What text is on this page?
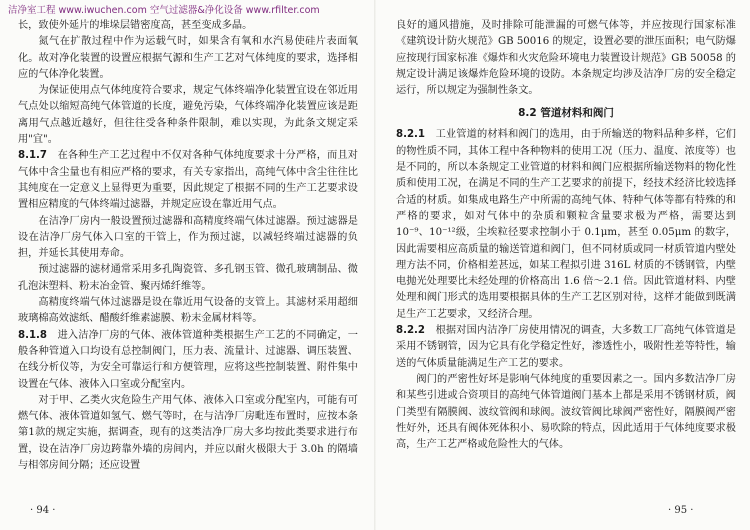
洁净室工程 www.iwuchen.com 空气过滤器&净化设备 www.rfilter.com

长，致使外延片的堆垛层错密度高，甚至变成多晶。

氮气在扩散过程中作为运载气时，如果含有氧和水汽易使硅片表面氧化。故对净化装置的设置应根据气源和生产工艺对气体纯度的要求，选择相应的气体净化装置。

为保证使用点气体纯度符合要求，规定气体终端净化装置宜设在邻近用气点处以缩短高纯气体管道的长度，避免污染，气体终端净化装置应该是距离用气点越近越好，但往往受各种条件限制，难以实现，为此条文规定采用"宜"。

8.1.7　 在各种生产工艺过程中不仅对各种气体纯度要求十分严格，而且对气体中含尘量也有相应严格的要求，有关专家指出，高纯气体中含尘往往比其纯度在一定意义上显得更为重要，因此规定了根据不同的生产工艺要求设置相应精度的气体终端过滤器，并规定应设在靠近用气点。

在洁净厂房内一般设置预过滤器和高精度终端气体过滤器。预过滤器是设在洁净厂房气体入口室的干管上，作为预过滤，以减轻终端过滤器的负担，并延长其使用寿命。

预过滤器的滤材通常采用多孔陶瓷管、多孔钢玉管、微孔玻璃制品、微孔泡沫塑料、粉末冶金管、聚丙烯纤维等。

高精度终端气体过滤器是设在靠近用气设备的支管上。其滤材采用超细玻璃棉高效滤纸、醋酸纤维素滤膜、粉末金属材料等。

8.1.8　 进入洁净厂房的气体、液体管道种类根据生产工艺的不同确定，一般各种管道入口均设有总控制阀门，压力表、流量计、过滤器、调压装置、在线分析仪等，为安全可靠运行和方便管理，应将这些控制装置、附件集中设置在气体、液体入口室或分配室内。

对于甲、乙类火灾危险生产用气体、液体入口室或分配室内，可能有可燃气体、液体管道如氢气、燃气等时，在与洁净厂房毗连布置时，应按本条第1款的规定实施，据调查，现有的这类洁净厂房大多均按此类要求进行布置，设在洁净厂房边跨靠外墙的房间内，并应以耐火极限大于 3.0h 的隔墙与相邻房间分隔；还应设置

良好的通风措施，及时排除可能泄漏的可燃气体等，并应按现行国家标准《建筑设计防火规范》GB 50016 的规定，设置必要的泄压面积；电气防爆应按现行国家标准《爆炸和火灾危险环境电力装置设计规范》GB 50058 的规定设计满足该爆炸危险环境的设防。本条规定均涉及洁净厂房的安全稳定运行，所以规定为强制性条文。

8.2 管道材料和阀门

8.2.1　 工业管道的材料和阀门的选用，由于所输送的物料品种多样，它们的物性质不同，其体工程中各种物料的使用工况（压力、温度、浓度等）也是不同的，所以本条规定工业管道的材料和阀门应根据所输送物料的物化性质和使用工况，在满足不同的生产工艺要求的前提下，经技术经济比较选择合适的材质。如集成电路生产中所需的高纯气体、特种气体等都有特殊的和严格的要求，如对气体中的杂质和颗粒含量要求极为严格，需要达到 10⁻⁹、10⁻¹²级，尘埃粒径要求控制小于 0.1μm，甚至 0.05μm 的数字，因此需要相应高质量的输送管道和阀门，但不同材质或同一材质管道内壁处理方法不同，价格相差甚远，如某工程拟引进 316L 材质的不锈钢管，内壁电抛光处理要比未经处理的价格高出 1.6 倍～2.1 倍。因此管道材料、内壁处理和阀门形式的选用要根据具体的生产工艺区别对待，这样才能做到既满足生产工艺要求，又经济合理。

8.2.2　 根据对国内洁净厂房使用情况的调查，大多数工厂高纯气体管道是采用不锈钢管，因为它具有化学稳定性好，渗透性小，吸附性差等特性，输送的气体质量能满足生产工艺的要求。

阀门的严密性好坏是影响气体纯度的重要因素之一。国内多数洁净厂房和某些引进或合资项目的高纯气体管道阀门基本上都是采用不锈钢材质，阀门类型有隔膜阀、波纹管阀和球阀。波纹管阀比球阀严密性好，隔膜阀严密性好外，还具有阀体死体积小、易吹除的特点，因此适用于气体纯度要求极高，生产工艺严格或危险性大的气体。

· 94 ·	· 95 ·
